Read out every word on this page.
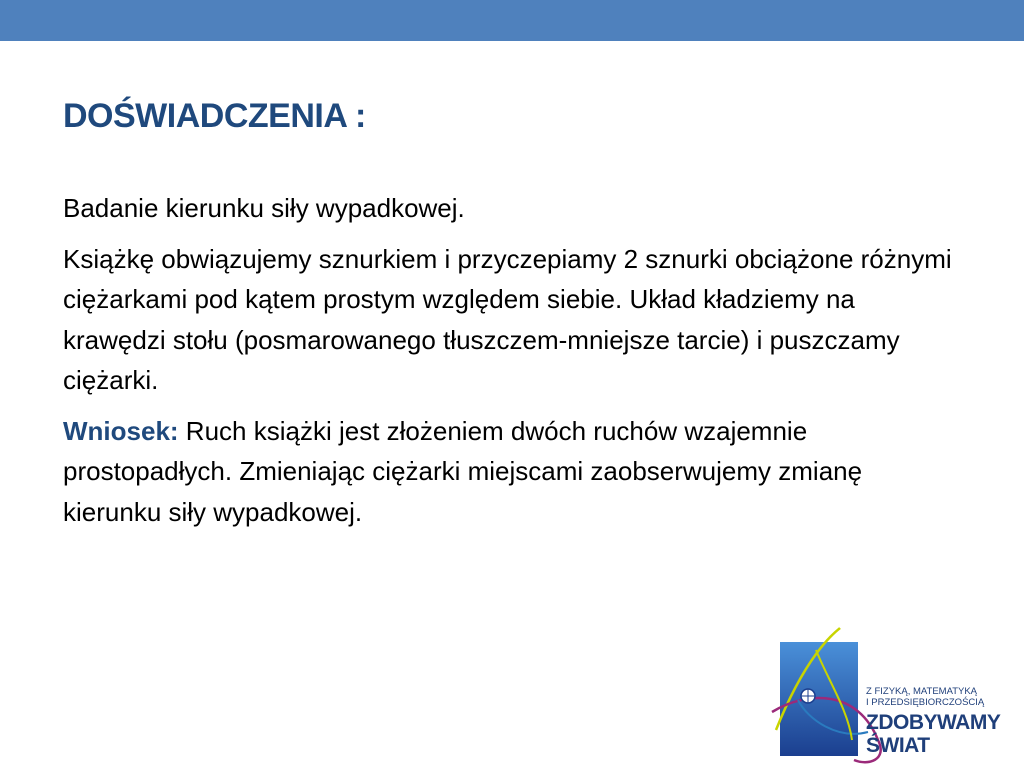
DOŚWIADCZENIA :

Badanie kierunku siły wypadkowej.

Książkę obwiązujemy sznurkiem i przyczepiamy 2 sznurki obciążone różnymi ciężarkami pod kątem prostym względem siebie. Układ kładziemy na krawędzi stołu (posmarowanego tłuszczem-mniejsze tarcie) i puszczamy ciężarki.

Wniosek: Ruch książki jest złożeniem dwóch ruchów wzajemnie prostopadłych. Zmieniając ciężarki miejscami zaobserwujemy zmianę kierunku siły wypadkowej.

Z FIZYKĄ, MATEMATYKĄ
I PRZEDSIĘBIORCZOŚCIĄ
ZDOBYWAMY
ŚWIAT
